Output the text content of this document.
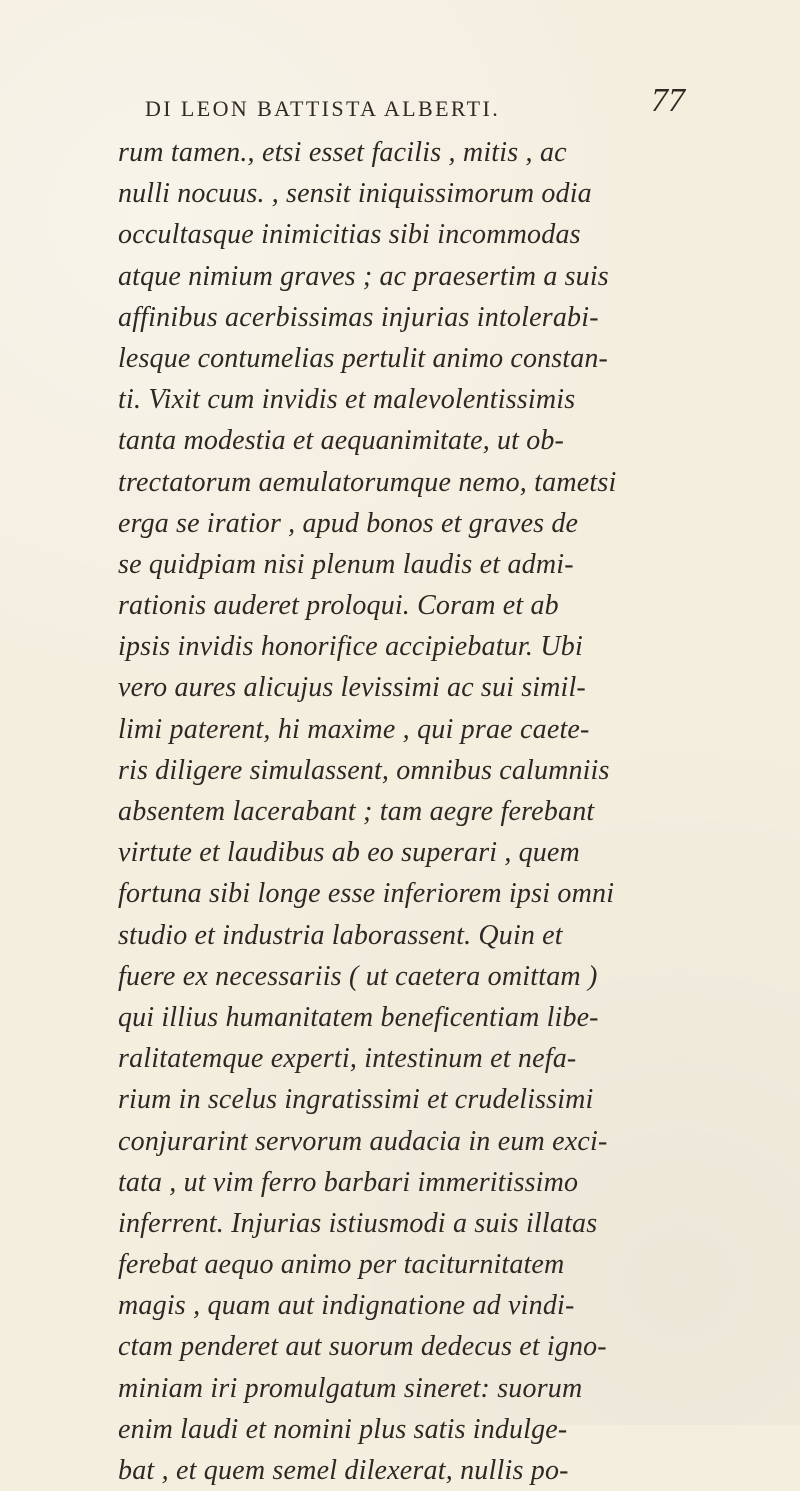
DI LEON BATTISTA ALBERTI.	77
rum tamen., etsi esset facilis , mitis , ac
nulli nocuus. , sensit iniquissimorum odia
occultasque inimicitias sibi incommodas
atque nimium graves ; ac praesertim a suis
affinibus acerbissimas injurias intolerabi-
lesque contumelias pertulit animo constan-
ti. Vixit cum invidis et malevolentissimis
tanta modestia et aequanimitate, ut ob-
trectatorum aemulatorumque nemo, tametsi
erga se iratior , apud bonos et graves de
se quidpiam nisi plenum laudis et admi-
rationis auderet proloqui. Coram et ab
ipsis invidis honorifice accipiebatur. Ubi
vero aures alicujus levissimi ac sui simil-
limi paterent, hi maxime , qui prae caete-
ris diligere simulassent, omnibus calumniis
absentem lacerabant ; tam aegre ferebant
virtute et laudibus ab eo superari , quem
fortuna sibi longe esse inferiorem ipsi omni
studio et industria laborassent. Quin et
fuere ex necessariis ( ut caetera omittam )
qui illius humanitatem beneficentiam libe-
ralitatemque experti, intestinum et nefa-
rium in scelus ingratissimi et crudelissimi
conjurarint servorum audacia in eum exci-
tata , ut vim ferro barbari immeritissimo
inferrent. Injurias istiusmodi a suis illatas
ferebat aequo animo per taciturnitatem
magis , quam aut indignatione ad vindi-
ctam penderet aut suorum dedecus et igno-
miniam iri promulgatum sineret: suorum
enim laudi et nomini plus satis indulge-
bat , et quem semel dilexerat, nullis po-
